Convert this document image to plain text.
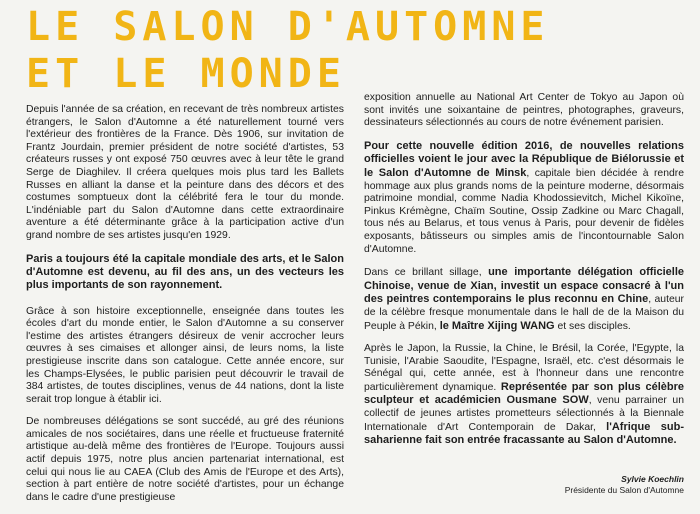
LE SALON D'AUTOMNE
ET LE MONDE

Depuis l'année de sa création, en recevant de très nombreux artistes étrangers, le Salon d'Automne a été naturellement tourné vers l'extérieur des frontières de la France. Dès 1906, sur invitation de Frantz Jourdain, premier président de notre société d'artistes, 53 créateurs russes y ont exposé 750 œuvres avec à leur tête le grand Serge de Diaghilev. Il créera quelques mois plus tard les Ballets Russes en alliant la danse et la peinture dans des décors et des costumes somptueux dont la célébrité fera le tour du monde. L'indéniable part du Salon d'Automne dans cette extraordinaire aventure a été déterminante grâce à la participation active d'un grand nombre de ses artistes jusqu'en 1929.

Paris a toujours été la capitale mondiale des arts, et le Salon d'Automne est devenu, au fil des ans, un des vecteurs les plus importants de son rayonnement.

Grâce à son histoire exceptionnelle, enseignée dans toutes les écoles d'art du monde entier, le Salon d'Automne a su conserver l'estime des artistes étrangers désireux de venir accrocher leurs œuvres à ses cimaises et allonger ainsi, de leurs noms, la liste prestigieuse inscrite dans son catalogue. Cette année encore, sur les Champs-Elysées, le public parisien peut découvrir le travail de 384 artistes, de toutes disciplines, venus de 44 nations, dont la liste serait trop longue à établir ici.

De nombreuses délégations se sont succédé, au gré des réunions amicales de nos sociétaires, dans une réelle et fructueuse fraternité artistique au-delà même des frontières de l'Europe. Toujours aussi actif depuis 1975, notre plus ancien partenariat international, est celui qui nous lie au CAEA (Club des Amis de l'Europe et des Arts), section à part entière de notre société d'artistes, pour un échange dans le cadre d'une prestigieuse

exposition annuelle au National Art Center de Tokyo au Japon où sont invités une soixantaine de peintres, photographes, graveurs, dessinateurs sélectionnés au cours de notre événement parisien.

Pour cette nouvelle édition 2016, de nouvelles relations officielles voient le jour avec la République de Biélorussie et le Salon d'Automne de Minsk, capitale bien décidée à rendre hommage aux plus grands noms de la peinture moderne, désormais patrimoine mondial, comme Nadia Khodossievitch, Michel Kikoïne, Pinkus Krémègne, Chaïm Soutine, Ossip Zadkine ou Marc Chagall, tous nés au Belarus, et tous venus à Paris, pour devenir de fidèles exposants, bâtisseurs ou simples amis de l'incontournable Salon d'Automne.

Dans ce brillant sillage, une importante délégation officielle Chinoise, venue de Xian, investit un espace consacré à l'un des peintres contemporains le plus reconnu en Chine, auteur de la célèbre fresque monumentale dans le hall de de la Maison du Peuple à Pékin, le Maître Xijing WANG et ses disciples.

Après le Japon, la Russie, la Chine, le Brésil, la Corée, l'Egypte, la Tunisie, l'Arabie Saoudite, l'Espagne, Israël, etc. c'est désormais le Sénégal qui, cette année, est à l'honneur dans une rencontre particulièrement dynamique. Représentée par son plus célèbre sculpteur et académicien Ousmane SOW, venu parrainer un collectif de jeunes artistes prometteurs sélectionnés à la Biennale Internationale d'Art Contemporain de Dakar, l'Afrique sub-saharienne fait son entrée fracassante au Salon d'Automne.

Sylvie Koechlin
Présidente du Salon d'Automne
